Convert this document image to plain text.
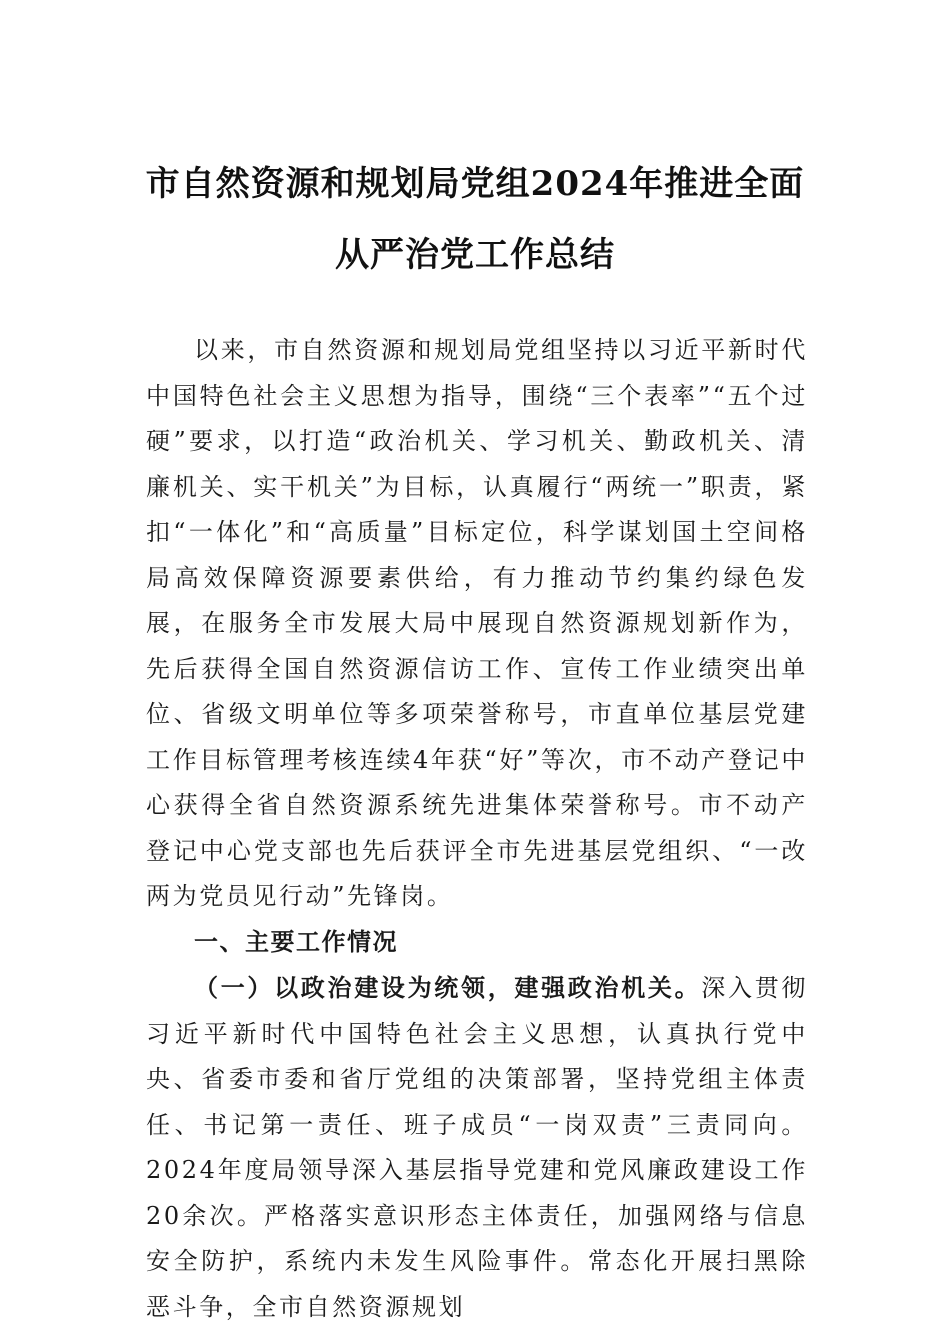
市自然资源和规划局党组2024年推进全面
从严治党工作总结

以来，市自然资源和规划局党组坚持以习近平新时代中国特色社会主义思想为指导，围绕“三个表率”“五个过硬”要求，以打造“政治机关、学习机关、勤政机关、清廉机关、实干机关”为目标，认真履行“两统一”职责，紧扣“一体化”和“高质量”目标定位，科学谋划国土空间格局高效保障资源要素供给，有力推动节约集约绿色发展，在服务全市发展大局中展现自然资源规划新作为，先后获得全国自然资源信访工作、宣传工作业绩突出单位、省级文明单位等多项荣誉称号，市直单位基层党建工作目标管理考核连续4年获“好”等次，市不动产登记中心获得全省自然资源系统先进集体荣誉称号。市不动产登记中心党支部也先后获评全市先进基层党组织、“一改两为党员见行动”先锋岗。

一、主要工作情况

（一）以政治建设为统领，建强政治机关。深入贯彻习近平新时代中国特色社会主义思想，认真执行党中央、省委市委和省厅党组的决策部署，坚持党组主体责任、书记第一责任、班子成员“一岗双责”三责同向。2024年度局领导深入基层指导党建和党风廉政建设工作20余次。严格落实意识形态主体责任，加强网络与信息安全防护，系统内未发生风险事件。常态化开展扫黑除恶斗争，全市自然资源规划
